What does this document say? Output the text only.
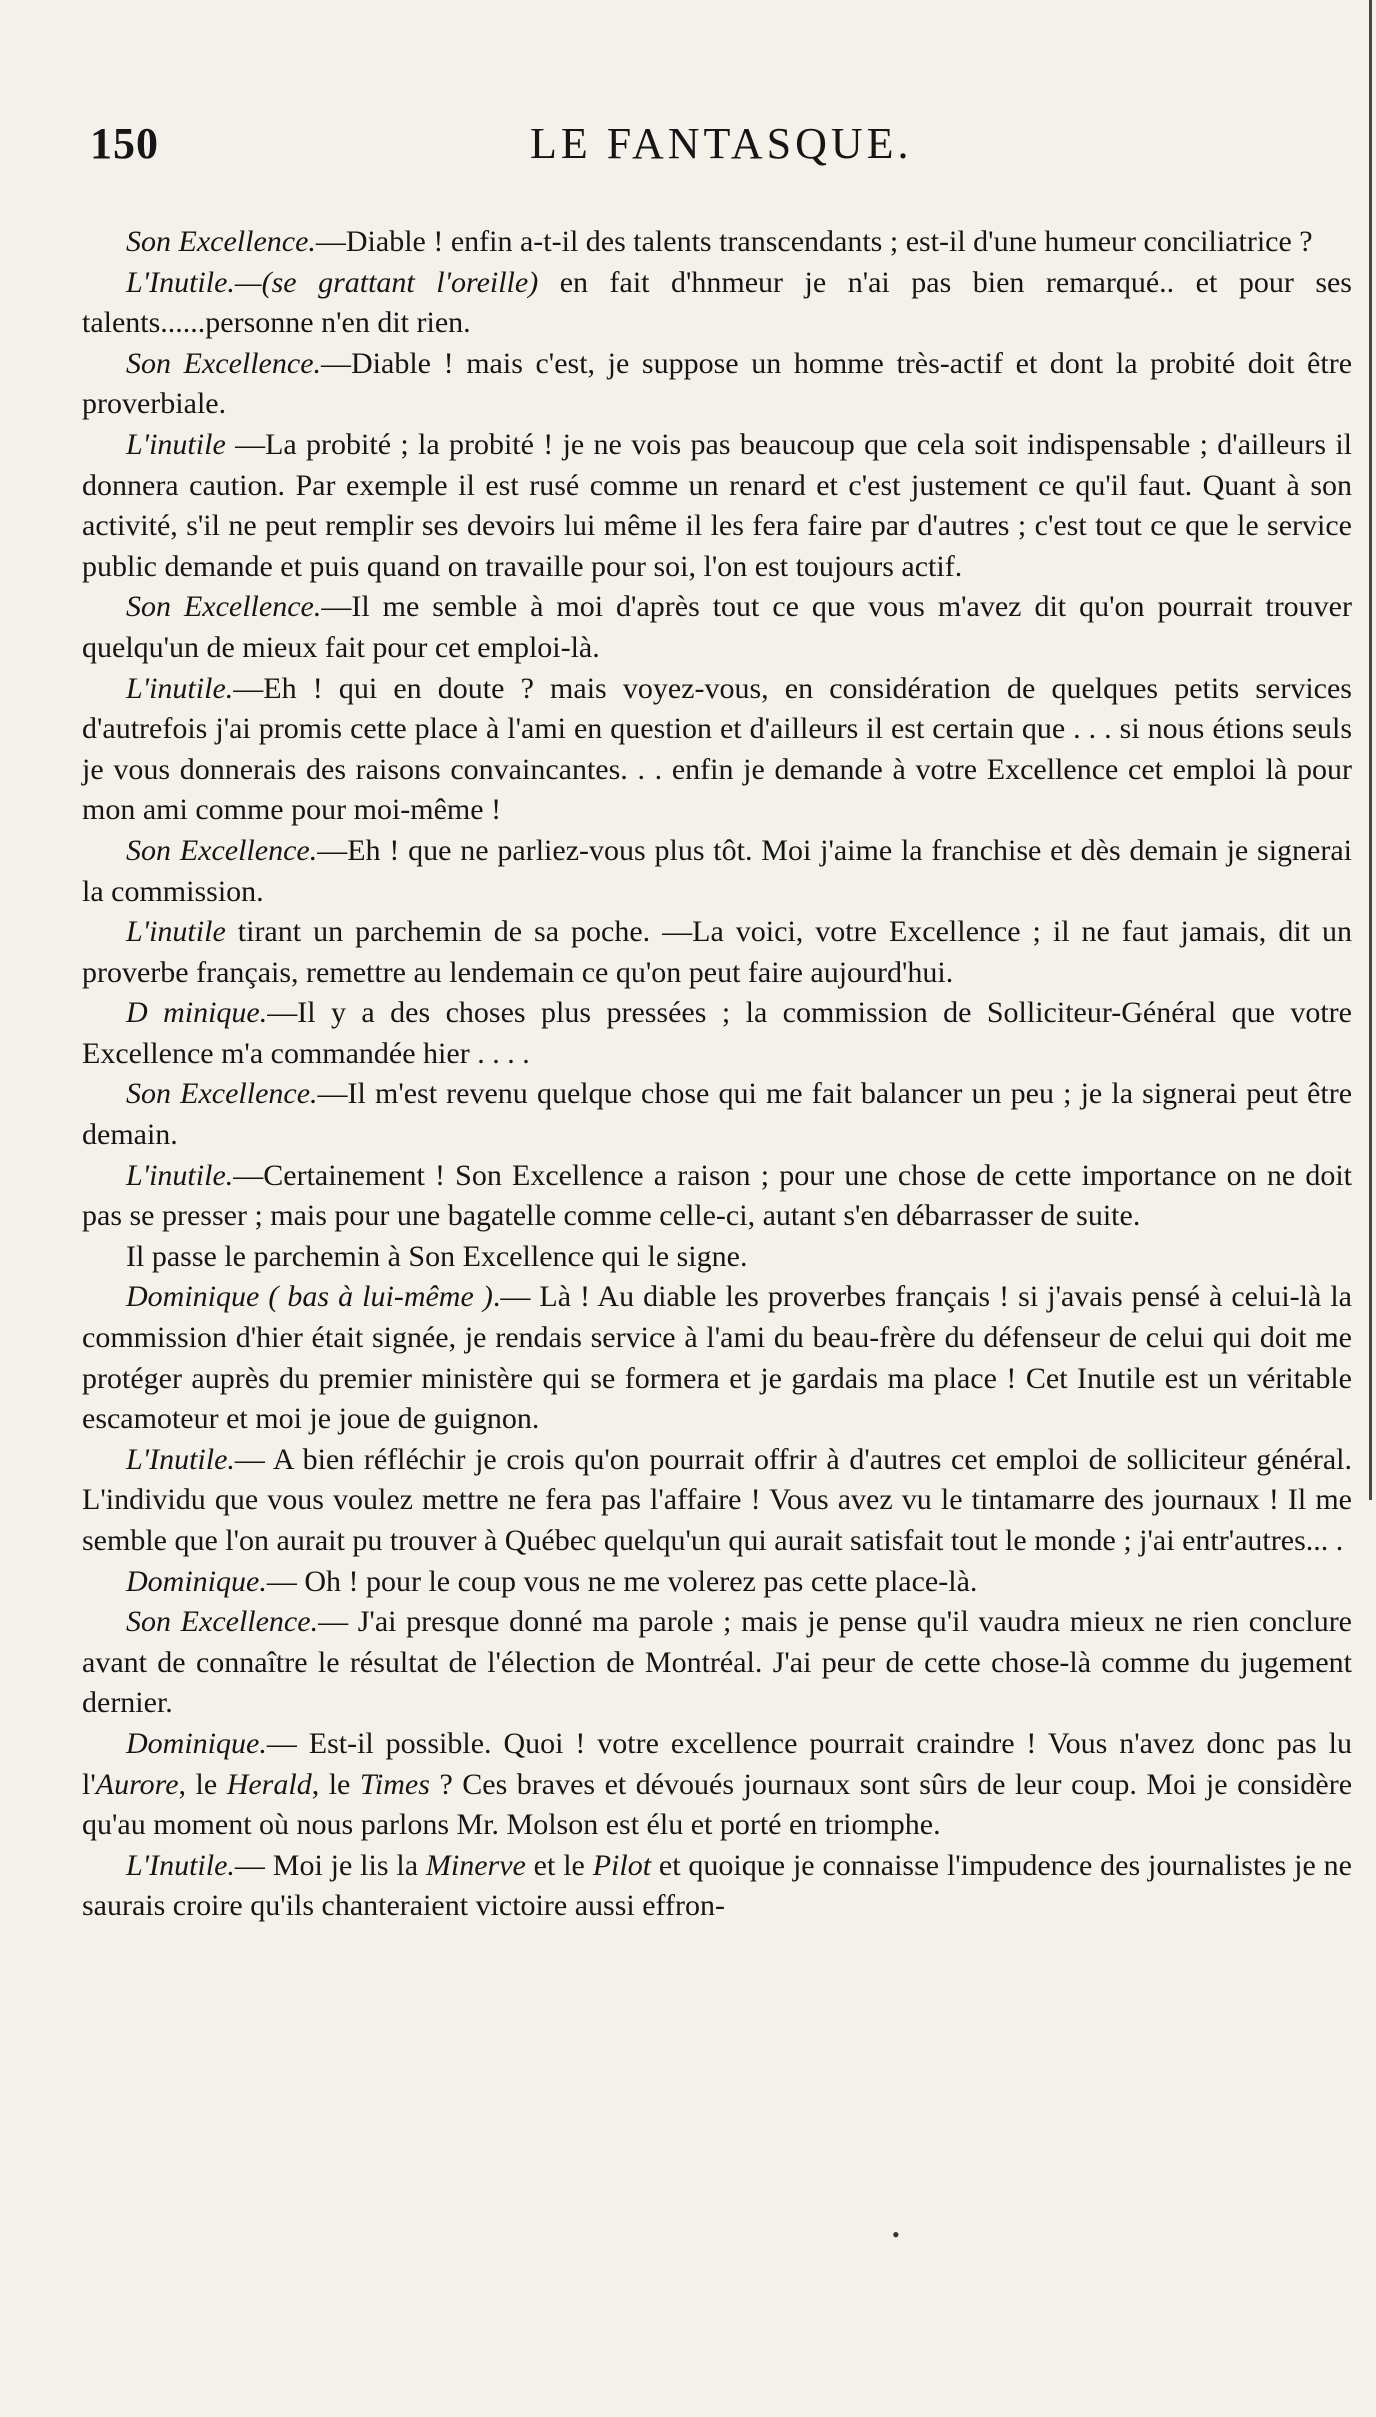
150	LE FANTASQUE.

Son Excellence.—Diable ! enfin a-t-il des talents transcendants ; est-il d'une humeur conciliatrice ?

L'Inutile.—(se grattant l'oreille) en fait d'hnmeur je n'ai pas bien remarqué.. et pour ses talents......personne n'en dit rien.

Son Excellence.—Diable ! mais c'est, je suppose un homme très-actif et dont la probité doit être proverbiale.

L'inutile —La probité ; la probité ! je ne vois pas beaucoup que cela soit indispensable ; d'ailleurs il donnera caution. Par exemple il est rusé comme un renard et c'est justement ce qu'il faut. Quant à son activité, s'il ne peut remplir ses devoirs lui même il les fera faire par d'autres ; c'est tout ce que le service public demande et puis quand on travaille pour soi, l'on est toujours actif.

Son Excellence.—Il me semble à moi d'après tout ce que vous m'avez dit qu'on pourrait trouver quelqu'un de mieux fait pour cet emploi-là.

L'inutile.—Eh ! qui en doute ? mais voyez-vous, en considération de quelques petits services d'autrefois j'ai promis cette place à l'ami en question et d'ailleurs il est certain que . . . si nous étions seuls je vous donnerais des raisons convaincantes. . . enfin je demande à votre Excellence cet emploi là pour mon ami comme pour moi-même !

Son Excellence.—Eh ! que ne parliez-vous plus tôt. Moi j'aime la franchise et dès demain je signerai la commission.

L'inutile tirant un parchemin de sa poche. —La voici, votre Excellence ; il ne faut jamais, dit un proverbe français, remettre au lendemain ce qu'on peut faire aujourd'hui.

D minique.—Il y a des choses plus pressées ; la commission de Solliciteur-Général que votre Excellence m'a commandée hier . . . .

Son Excellence.—Il m'est revenu quelque chose qui me fait balancer un peu ; je la signerai peut être demain.

L'inutile.—Certainement ! Son Excellence a raison ; pour une chose de cette importance on ne doit pas se presser ; mais pour une bagatelle comme celle-ci, autant s'en débarrasser de suite.

Il passe le parchemin à Son Excellence qui le signe.

Dominique ( bas à lui-même ).— Là ! Au diable les proverbes français ! si j'avais pensé à celui-là la commission d'hier était signée, je rendais service à l'ami du beau-frère du défenseur de celui qui doit me protéger auprès du premier ministère qui se formera et je gardais ma place ! Cet Inutile est un véritable escamoteur et moi je joue de guignon.

L'Inutile.— A bien réfléchir je crois qu'on pourrait offrir à d'autres cet emploi de solliciteur général. L'individu que vous voulez mettre ne fera pas l'affaire ! Vous avez vu le tintamarre des journaux ! Il me semble que l'on aurait pu trouver à Québec quelqu'un qui aurait satisfait tout le monde ; j'ai entr'autres... .

Dominique.— Oh ! pour le coup vous ne me volerez pas cette place-là.

Son Excellence.— J'ai presque donné ma parole ; mais je pense qu'il vaudra mieux ne rien conclure avant de connaître le résultat de l'élection de Montréal. J'ai peur de cette chose-là comme du jugement dernier.

Dominique.— Est-il possible. Quoi ! votre excellence pourrait craindre ! Vous n'avez donc pas lu l'Aurore, le Herald, le Times ? Ces braves et dévoués journaux sont sûrs de leur coup. Moi je considère qu'au moment où nous parlons Mr. Molson est élu et porté en triomphe.

L'Inutile.— Moi je lis la Minerve et le Pilot et quoique je connaisse l'impudence des journalistes je ne saurais croire qu'ils chanteraient victoire aussi effron-

•
